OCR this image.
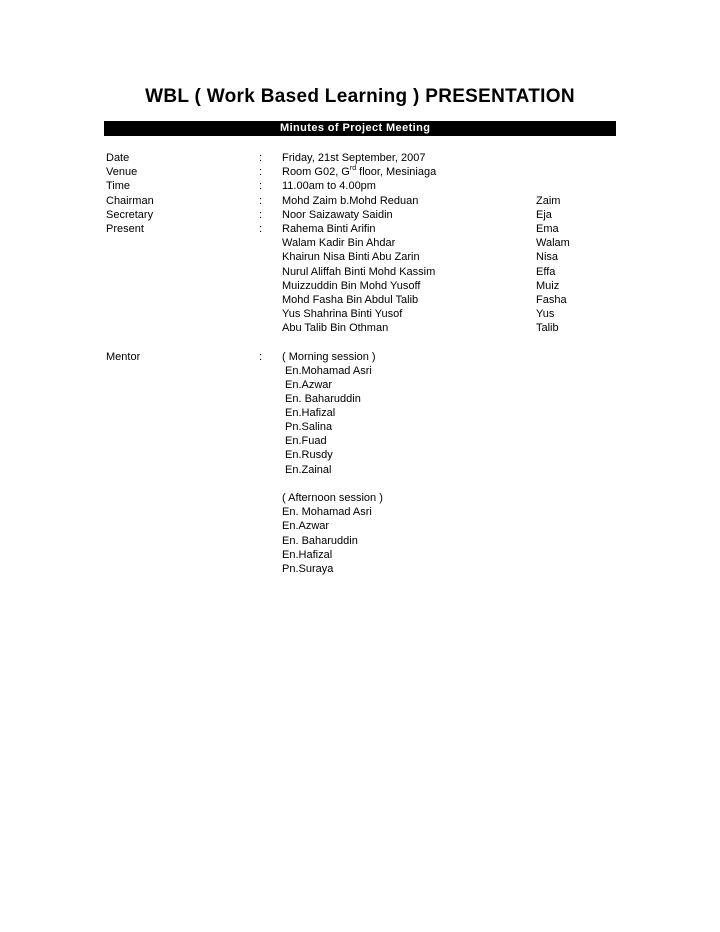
WBL ( Work Based Learning ) PRESENTATION
Minutes of Project Meeting
Date	: Friday, 21st September, 2007
Venue	: Room G02, $G^{rd}$ floor, Mesiniaga
Time	: 11.00am to 4.00pm
Chairman	: Mohd Zaim b.Mohd Reduan	Zaim
Secretary	: Noor Saizawaty Saidin	Eja
Present	: Rahema Binti Arifin	Ema
Walam Kadir Bin Ahdar	Walam
Khairun Nisa Binti Abu Zarin	Nisa
Nurul Aliffah Binti Mohd Kassim	Effa
Muizzuddin Bin Mohd Yusoff	Muiz
Mohd Fasha Bin Abdul Talib	Fasha
Yus Shahrina Binti Yusof	Yus
Abu Talib Bin Othman	Talib
Mentor	: ( Morning session )
En.Mohamad Asri
En.Azwar
En. Baharuddin
En.Hafizal
Pn.Salina
En.Fuad
En.Rusdy
En.Zainal
( Afternoon session )
En. Mohamad Asri
En.Azwar
En. Baharuddin
En.Hafizal
Pn.Suraya
